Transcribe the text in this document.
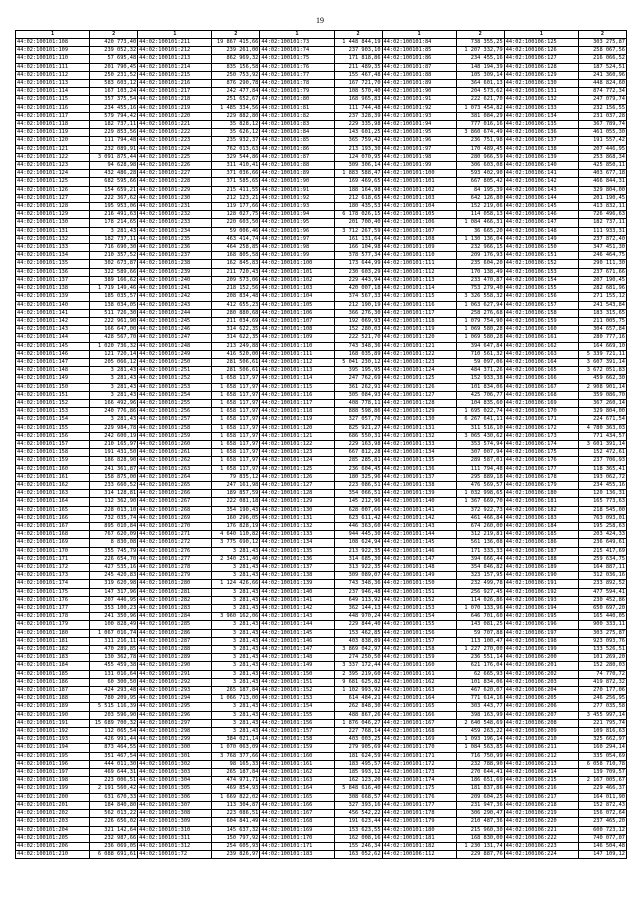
19
1	2	1	2	1	2	1	2	1	2
44:02:100101:108	420 773,40	44:02:100101:211	19 867 415,66	44:02:100101:73	1 448 844,19	44:02:100101:84	738 355,25	44:02:100106:125	303 275,87
44:02:100101:109	239 052,32	44:02:100101:212	239 261,00	44:02:100101:74	237 903,10	44:02:100101:85	1 207 332,79	44:02:100106:126	258 067,56
44:02:100101:110	57 695,48	44:02:100101:213	862 969,32	44:02:100101:75	171 818,86	44:02:100101:86	234 455,16	44:02:100106:127	216 066,52
44:02:100101:111	201 790,45	44:02:100101:214	835 156,58	44:02:100101:76	211 489,35	44:02:100101:87	148 194,39	44:02:100106:128	187 524,51
44:02:100101:112	250 231,52	44:02:100101:215	250 753,92	44:02:100101:77	155 467,48	44:02:100101:88	105 309,14	44:02:100106:129	241 360,96
44:02:100101:113	583 603,12	44:02:100101:216	876 290,78	44:02:100101:78	167 721,70	44:02:100101:89	364 601,13	44:02:100106:130	448 824,60
44:02:100101:114	167 103,24	44:02:100101:217	242 477,84	44:02:100101:79	108 570,40	44:02:100101:90	204 573,62	44:02:100106:131	874 772,34
44:02:100101:115	357 375,54	44:02:100101:218	251 652,67	44:02:100101:80	168 965,83	44:02:100101:91	222 621,70	44:02:100106:132	247 079,74
44:02:100101:116	234 455,16	44:02:100101:219	1 485 334,56	44:02:100101:81	111 744,48	44:02:100101:92	1 073 454,82	44:02:100106:133	232 156,55
44:02:100101:117	579 794,42	44:02:100101:220	229 882,80	44:02:100101:82	237 328,39	44:02:100101:93	381 084,29	44:02:100106:134	231 037,28
44:02:100101:118	182 737,11	44:02:100101:221	35 828,12	44:02:100101:83	229 335,98	44:02:100101:94	777 016,16	44:02:100106:135	367 789,74
44:02:100101:119	229 853,56	44:02:100101:222	35 626,12	44:02:100101:84	143 601,25	44:02:100101:95	3 860 674,49	44:02:100106:136	461 055,30
44:02:100101:120	111 794,48	44:02:100101:223	235 932,37	44:02:100101:85	365 759,42	44:02:100101:96	236 751,98	44:02:100106:137	191 557,42
44:02:100101:121	232 089,91	44:02:100101:224	762 013,63	44:02:100101:86	213 193,30	44:02:100101:97	170 489,45	44:02:100106:138	207 446,95
44:02:100101:122	3 091 875,44	44:02:100101:225	329 544,86	44:02:100101:87	124 070,95	44:02:100101:98	280 966,59	44:02:100106:139	253 868,34
44:02:100101:123	94 628,98	44:02:100101:226	311 410,41	44:02:100101:88	309 306,14	44:02:100101:99	306 603,08	44:02:100106:140	425 850,11
44:02:100101:124	432 486,28	44:02:100101:227	371 036,66	44:02:100101:89	1 883 588,47	44:02:100101:100	593 402,90	44:02:100106:141	403 677,18
44:02:100101:125	682 595,66	44:02:100101:228	371 585,65	44:02:100101:90	169 469,65	44:02:100101:101	667 805,42	44:02:100106:142	466 844,31
44:02:100101:126	154 659,21	44:02:100101:229	215 411,55	44:02:100101:91	188 164,98	44:02:100101:102	84 195,39	44:02:100106:143	329 804,00
44:02:100101:127	222 367,62	44:02:100101:230	212 123,21	44:02:100101:92	212 618,65	44:02:100101:103	642 126,80	44:02:100106:144	201 190,45
44:02:100101:128	195 953,06	44:02:100101:231	119 177,66	44:02:100101:93	180 435,53	44:02:100101:104	152 219,06	44:02:100106:145	413 832,11
44:02:100101:129	216 491,63	44:02:100101:232	128 027,75	44:02:100101:94	6 178 026,15	44:02:100101:105	114 058,13	44:02:100106:146	726 496,63
44:02:100101:130	178 214,65	44:02:100101:233	220 603,50	44:02:100101:95	201 700,40	44:02:100101:106	1 084 466,31	44:02:100106:147	182 737,11
44:02:100101:131	3 281,43	44:02:100101:234	59 006,46	44:02:100101:96	3 712 267,59	44:02:100101:107	36 665,20	44:02:100106:148	111 933,31
44:02:100101:132	182 737,11	44:02:100101:235	463 414,74	44:02:100101:97	161 131,64	44:02:100101:108	1 130 136,04	44:02:100106:149	237 872,40
44:02:100101:133	716 690,30	44:02:100101:236	464 258,85	44:02:100101:98	166 104,98	44:02:100101:109	232 966,15	44:02:100106:150	347 451,30
44:02:100101:134	210 357,52	44:02:100101:237	168 805,58	44:02:100101:99	378 577,34	44:02:100101:110	209 176,93	44:02:100106:151	246 464,75
44:02:100101:135	302 673,87	44:02:100101:238	162 845,83	44:02:100101:100	173 644,99	44:02:100101:111	235 604,20	44:02:100106:152	290 111,30
44:02:100101:136	322 589,66	44:02:100101:239	211 720,43	44:02:100101:101	230 603,29	44:02:100101:112	170 138,49	44:02:100106:153	237 671,66
44:02:100101:137	389 166,62	44:02:100101:240	209 573,06	44:02:100101:102	229 443,94	44:02:100101:113	233 470,87	44:02:100106:154	207 190,45
44:02:100101:138	1 719 149,46	44:02:100101:241	218 152,56	44:02:100101:103	420 007,18	44:02:100101:114	753 279,40	44:02:100106:155	282 681,96
44:02:100101:139	185 035,57	44:02:100101:242	208 834,48	44:02:100101:104	374 567,33	44:02:100101:115	3 326 558,32	44:02:100106:156	271 155,12
44:02:100101:140	138 034,05	44:02:100101:243	412 655,23	44:02:100101:105	212 190,19	44:02:100101:116	1 063 627,94	44:02:100106:157	241 543,84
44:02:100101:141	511 726,30	44:02:100101:244	280 880,68	44:02:100101:106	366 276,30	44:02:100101:117	258 276,68	44:02:100106:158	183 315,65
44:02:100101:142	222 961,90	44:02:100101:245	211 034,69	44:02:100101:107	192 069,93	44:02:100101:118	1 079 754,90	44:02:100106:159	211 005,75
44:02:100101:143	166 647,00	44:02:100101:246	314 622,35	44:02:100101:108	152 280,03	44:02:100101:119	1 069 580,28	44:02:100106:160	304 657,84
44:02:100101:144	428 567,70	44:02:100101:247	314 622,35	44:02:100101:109	222 521,70	44:02:100101:120	1 069 580,28	44:02:100106:161	280 777,16
44:02:100101:145	1 020 736,32	44:02:100101:248	213 249,88	44:02:100101:110	743 348,36	44:02:100101:121	394 647,84	44:02:100106:162	164 669,10
44:02:100101:146	121 720,14	44:02:100101:249	416 520,00	44:02:100101:111	168 035,89	44:02:100101:122	710 561,32	44:02:100106:163	5 339 721,11
44:02:100101:147	205 066,12	44:02:100101:250	281 506,61	44:02:100101:112	5 041 230,12	44:02:100101:123	59 097,06	44:02:100106:164	3 607 391,14
44:02:100101:148	3 281,43	44:02:100101:251	281 506,61	44:02:100101:113	395 195,95	44:02:100101:124	484 371,26	44:02:100106:165	3 672 051,83
44:02:100101:149	3 281,43	44:02:100101:252	1 658 117,97	44:02:100101:114	247 762,69	44:02:100101:125	152 933,38	44:02:100106:166	459 662,30
44:02:100101:150	3 281,43	44:02:100101:253	1 658 117,97	44:02:100101:115	361 262,91	44:02:100101:126	101 834,06	44:02:100106:167	2 908 901,14
44:02:100101:151	3 281,43	44:02:100101:254	1 658 117,97	44:02:100101:116	305 084,93	44:02:100101:127	425 706,77	44:02:100106:168	359 086,70
44:02:100101:152	166 492,96	44:02:100101:255	1 658 117,97	44:02:100101:117	408 778,11	44:02:100101:128	104 835,60	44:02:100106:169	367 260,14
44:02:100101:153	240 776,86	44:02:100101:256	1 658 117,97	44:02:100101:118	888 598,86	44:02:100101:129	1 695 022,74	44:02:100106:170	329 804,00
44:02:100101:154	3 281,43	44:02:100101:257	1 658 117,97	44:02:100101:119	327 057,70	44:02:100101:130	6 267 641,11	44:02:100106:171	224 671,54
44:02:100101:155	229 984,78	44:02:100101:258	1 658 117,97	44:02:100101:120	825 921,27	44:02:100101:131	311 516,10	44:02:100106:172	4 780 363,03
44:02:100101:156	242 600,19	44:02:100101:259	1 658 117,97	44:02:100101:121	686 550,31	44:02:100101:132	3 065 430,62	44:02:100106:173	771 434,57
44:02:100101:157	210 165,97	44:02:100101:260	1 658 117,97	44:02:100101:122	229 163,98	44:02:100101:133	353 574,94	44:02:100106:174	3 601 391,14
44:02:100101:158	191 431,50	44:02:100101:261	1 658 117,97	44:02:100101:123	667 812,28	44:02:100101:134	307 007,94	44:02:100106:175	152 472,61
44:02:100101:159	186 828,90	44:02:100101:262	1 658 117,97	44:02:100101:124	285 285,81	44:02:100101:135	289 587,01	44:02:100106:176	237 706,93
44:02:100101:160	241 361,87	44:02:100101:263	1 658 117,97	44:02:100101:125	236 604,45	44:02:100101:136	111 794,48	44:02:100106:177	118 365,41
44:02:100101:161	158 875,00	44:02:100101:264	79 835,12	44:02:100101:126	180 325,96	44:02:100101:137	295 889,18	44:02:100106:178	193 062,72
44:02:100101:162	233 660,52	44:02:100101:265	247 161,98	44:02:100101:127	223 086,51	44:02:100101:138	476 569,57	44:02:100106:179	234 455,16
44:02:100101:163	314 128,81	44:02:100101:266	189 857,59	44:02:100101:128	354 066,51	44:02:100101:139	1 032 998,65	44:02:100106:180	120 136,31
44:02:100101:164	112 362,90	44:02:100101:267	222 081,18	44:02:100101:129	145 212,96	44:02:100101:140	1 367 669,70	44:02:100106:181	165 773,63
44:02:100101:165	228 013,10	44:02:100101:268	354 190,43	44:02:100101:130	628 007,66	44:02:100101:141	372 922,73	44:02:100106:182	218 545,00
44:02:100101:166	732 035,74	44:02:100101:269	160 296,05	44:02:100101:131	623 611,42	44:02:100101:142	461 466,84	44:02:100106:183	763 093,01
44:02:100101:167	895 010,84	44:02:100101:270	176 828,19	44:02:100101:132	446 363,60	44:02:100101:143	674 260,00	44:02:100106:184	195 258,63
44:02:100101:168	767 620,09	44:02:100101:271	4 640 110,82	44:02:100101:133	944 445,30	44:02:100101:144	312 219,81	44:02:100106:185	203 424,33
44:02:100101:169	8 830,08	44:02:100101:272	3 775 690,12	44:02:100101:134	108 624,94	44:02:100101:145	561 136,08	44:02:100106:186	236 649,61
44:02:100101:170	355 745,79	44:02:100101:276	3 281,43	44:02:100101:135	213 922,35	44:02:100101:146	171 333,33	44:02:100106:187	215 417,69
44:02:100101:171	226 654,70	44:02:100101:277	2 340 251,40	44:02:100101:136	314 685,30	44:02:100101:147	394 666,44	44:02:100106:188	259 634,75
44:02:100101:172	427 535,16	44:02:100101:278	3 281,43	44:02:100101:137	313 922,35	44:02:100101:148	354 846,82	44:02:100106:189	164 887,11
44:02:100101:173	245 420,83	44:02:100101:279	3 281,43	44:02:100101:138	309 089,07	44:02:100101:149	323 157,95	44:02:100106:190	312 036,16
44:02:100101:174	319 620,98	44:02:100101:280	1 124 426,66	44:02:100101:139	743 348,36	44:02:100101:150	232 499,78	44:02:100106:191	233 892,52
44:02:100101:175	147 317,96	44:02:100101:281	3 281,43	44:02:100101:140	237 946,48	44:02:100101:151	256 927,45	44:02:100106:192	477 594,41
44:02:100101:176	207 446,95	44:02:100101:282	3 281,43	44:02:100101:141	649 113,92	44:02:100101:152	114 026,86	44:02:100106:193	230 452,86
44:02:100101:177	353 100,23	44:02:100101:283	3 281,43	44:02:100101:142	362 144,13	44:02:100101:153	1 070 133,96	44:02:100106:194	650 697,20
44:02:100101:178	241 350,96	44:02:100101:284	3 960 162,06	44:02:100101:143	448 970,24	44:02:100101:154	646 701,60	44:02:100106:195	165 440,05
44:02:100101:179	100 828,49	44:02:100101:285	3 281,43	44:02:100101:144	229 844,40	44:02:100101:155	143 081,25	44:02:100106:196	900 333,11
44:02:100101:180	1 067 016,74	44:02:100101:286	3 281,43	44:02:100101:145	153 462,85	44:02:100101:156	59 707,88	44:02:100106:197	303 275,87
44:02:100101:181	311 216,11	44:02:100101:287	3 281,43	44:02:100101:146	403 838,89	44:02:100101:157	113 100,47	44:02:100106:198	923 093,76
44:02:100101:182	470 289,85	44:02:100101:288	3 281,43	44:02:100101:147	3 869 042,97	44:02:100101:158	1 227 270,00	44:02:100106:199	133 526,51
44:02:100101:183	130 362,78	44:02:100101:289	3 281,43	44:02:100101:148	274 250,50	44:02:100101:159	236 551,14	44:02:100106:200	101 269,20
44:02:100101:184	455 459,38	44:02:100101:290	3 281,43	44:02:100101:149	3 337 172,44	44:02:100101:160	621 176,04	44:02:100106:201	152 280,03
44:02:100101:185	131 016,64	44:02:100101:291	3 281,43	44:02:100101:150	2 395 219,60	44:02:100101:161	62 665,93	44:02:100106:202	74 770,72
44:02:100101:186	60 300,50	44:02:100101:292	3 281,43	44:02:100101:151	9 681 625,82	44:02:100101:162	101 834,06	44:02:100106:203	419 872,32
44:02:100101:187	424 293,48	44:02:100101:293	265 187,84	44:02:100101:152	1 102 993,92	44:02:100101:163	467 620,07	44:02:100106:204	270 177,06
44:02:100101:188	780 209,95	44:02:100101:294	1 066 713,00	44:02:100101:153	614 484,21	44:02:100101:164	771 614,16	44:02:100106:205	246 256,95
44:02:100101:189	5 515 116,39	44:02:100101:295	3 281,43	44:02:100101:154	262 848,30	44:02:100101:165	303 443,77	44:02:100106:206	277 035,58
44:02:100101:190	203 596,90	44:02:100101:296	3 281,43	44:02:100101:155	488 867,26	44:02:100101:166	398 163,99	44:02:100106:207	3 455 997,14
44:02:100101:191	15 689 700,32	44:02:100101:297	3 281,43	44:02:100101:156	1 876 046,27	44:02:100101:167	2 640 548,69	44:02:100106:208	221 795,74
44:02:100101:192	112 065,54	44:02:100101:298	3 281,43	44:02:100101:157	227 768,14	44:02:100101:168	459 263,22	44:02:100106:209	109 816,63
44:02:100101:193	426 991,44	44:02:100101:299	384 021,14	44:02:100101:158	403 003,25	44:02:100101:169	1 093 196,14	44:02:100106:210	325 662,97
44:02:100101:194	873 464,55	44:02:100101:300	1 070 063,09	44:02:100101:159	279 905,69	44:02:100101:170	1 084 563,85	44:02:100106:211	160 294,14
44:02:100101:195	351 467,54	44:02:100101:301	3 768 377,66	44:02:100101:160	181 624,59	44:02:100101:171	716 750,99	44:02:100106:212	335 054,69
44:02:100101:196	444 011,30	44:02:100101:302	98 165,33	44:02:100101:161	183 495,57	44:02:100101:172	232 788,90	44:02:100106:213	6 058 710,78
44:02:100101:197	469 644,31	44:02:100101:303	265 187,84	44:02:100101:162	185 993,12	44:02:100101:173	270 644,41	44:02:100106:214	139 709,57
44:02:100101:198	223 006,51	44:02:100101:304	474 971,71	44:02:100101:163	162 123,20	44:02:100101:174	186 651,69	44:02:100106:215	2 167 005,67
44:02:100101:199	2 191 560,42	44:02:100101:305	469 854,93	44:02:100101:164	5 848 616,40	44:02:100101:175	181 837,86	44:02:100106:216	229 466,37
44:02:100101:200	631 670,33	44:02:100101:306	1 669 822,02	44:02:100101:165	308 668,57	44:02:100101:176	209 604,25	44:02:100106:217	164 011,90
44:02:100101:201	184 840,80	44:02:100101:307	113 304,87	44:02:100101:166	327 393,16	44:02:100101:177	231 947,36	44:02:100106:218	152 872,43
44:02:100101:202	562 013,22	44:02:100101:308	223 086,51	44:02:100101:167	456 542,22	44:02:100101:178	306 290,47	44:02:100106:219	156 072,64
44:02:100101:203	226 656,02	44:02:100101:309	604 841,49	44:02:100101:168	191 623,44	44:02:100101:179	210 487,36	44:02:100106:220	237 465,20
44:02:100101:204	321 142,64	44:02:100101:310	145 637,32	44:02:100101:169	153 623,55	44:02:100101:180	215 960,30	44:02:100106:221	600 723,12
44:02:100101:205	232 987,66	44:02:100101:311	150 797,92	44:02:100101:170	162 008,16	44:02:100101:181	168 830,00	44:02:100106:222	740 077,07
44:02:100101:206	236 069,05	44:02:100101:312	254 605,93	44:02:100101:171	155 246,34	44:02:100101:182	1 230 131,74	44:02:100106:223	146 504,48
44:02:100101:210	6 088 691,61	44:02:100101:72	239 826,97	44:02:100101:183	163 052,62	44:02:100106:112	229 887,76	44:02:100106:224	147 109,12
